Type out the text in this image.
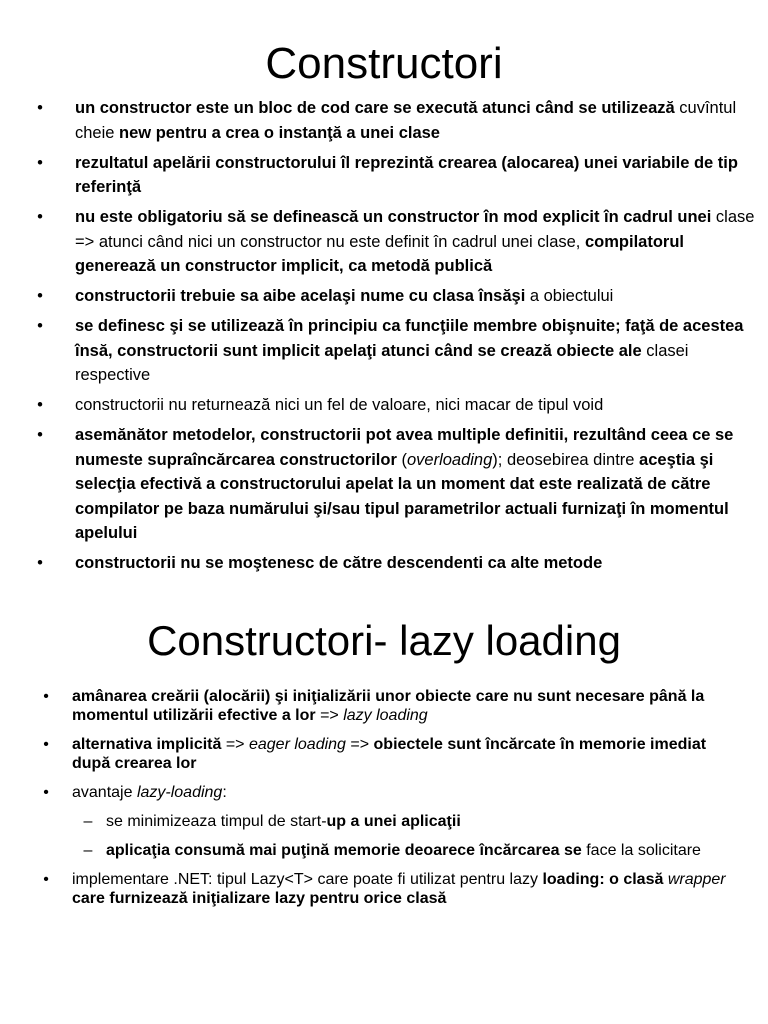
Constructori
•	un constructor este un bloc de cod care se execută atunci când se utilizează cuvîntul cheie new pentru a crea o instanţă a unei clase
•	rezultatul apelării constructorului îl reprezintă crearea (alocarea) unei variabile de tip referinţă
•	nu este obligatoriu să se definească un constructor în mod explicit în cadrul unei clase => atunci când nici un constructor nu este definit în cadrul unei clase, compilatorul generează un constructor implicit, ca metodă publică
•	constructorii trebuie sa aibe acelaşi nume cu clasa însăşi a obiectului
•	se definesc şi se utilizează în principiu ca funcţiile membre obişnuite; faţă de acestea însă, constructorii sunt implicit apelaţi atunci când se crează obiecte ale clasei respective
•	constructorii nu returnează nici un fel de valoare, nici macar de tipul void
•	asemănător metodelor, constructorii pot avea multiple definitii, rezultând ceea ce se numeste supraîncărcarea constructorilor (overloading); deosebirea dintre aceştia şi selecţia efectivă a constructorului apelat la un moment dat este realizată de către compilator pe baza numărului şi/sau tipul parametrilor actuali furnizaţi în momentul apelului
•	constructorii nu se moştenesc de către descendenti ca alte metode
Constructori- lazy loading
•	amânarea creării (alocării) şi iniţializării unor obiecte care nu sunt necesare până la momentul utilizării efective a lor => lazy loading
•	alternativa implicită => eager loading => obiectele sunt încărcate în memorie imediat după crearea lor
•	avantaje lazy-loading:
– se minimizeaza timpul de start-up a unei aplicaţii
– aplicaţia consumă mai puţină memorie deoarece încărcarea se face la solicitare
•	implementare .NET: tipul Lazy<T> care poate fi utilizat pentru lazy loading: o clasă wrapper care furnizează iniţializare lazy pentru orice clasă
